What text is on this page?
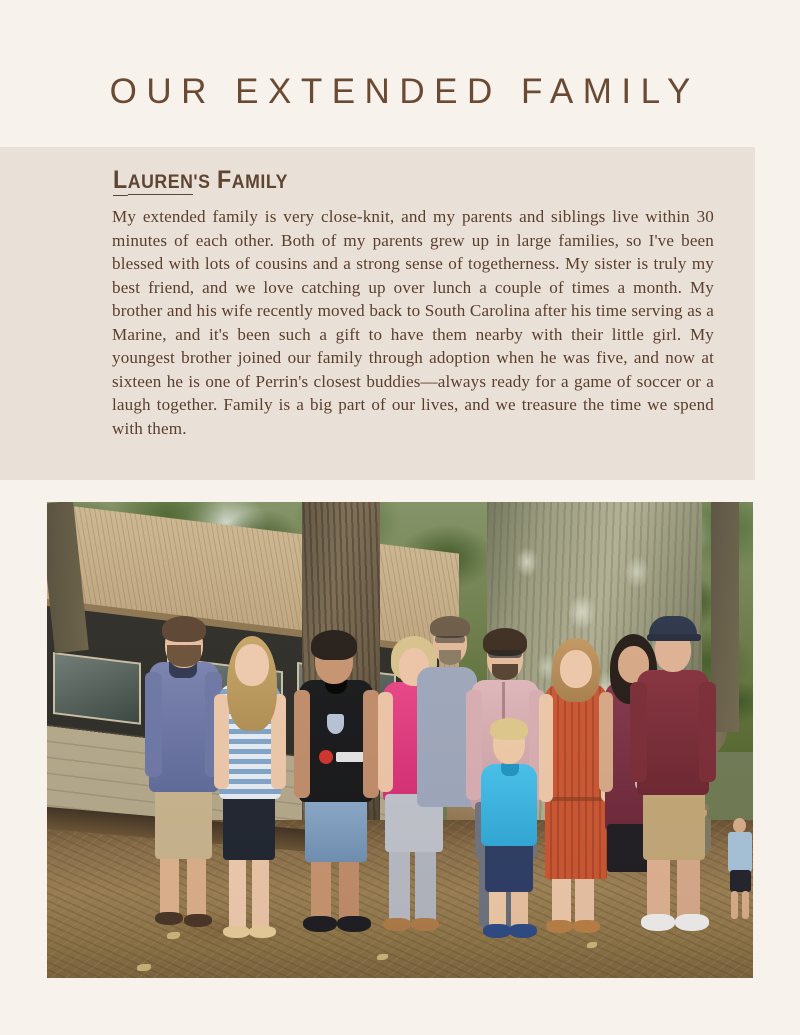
OUR EXTENDED FAMILY
LAUREN'S FAMILY
My extended family is very close-knit, and my parents and siblings live within 30 minutes of each other. Both of my parents grew up in large families, so I've been blessed with lots of cousins and a strong sense of togetherness. My sister is truly my best friend, and we love catching up over lunch a couple of times a month. My brother and his wife recently moved back to South Carolina after his time serving as a Marine, and it's been such a gift to have them nearby with their little girl. My youngest brother joined our family through adoption when he was five, and now at sixteen he is one of Perrin's closest buddies—always ready for a game of soccer or a laugh together. Family is a big part of our lives, and we treasure the time we spend with them.
